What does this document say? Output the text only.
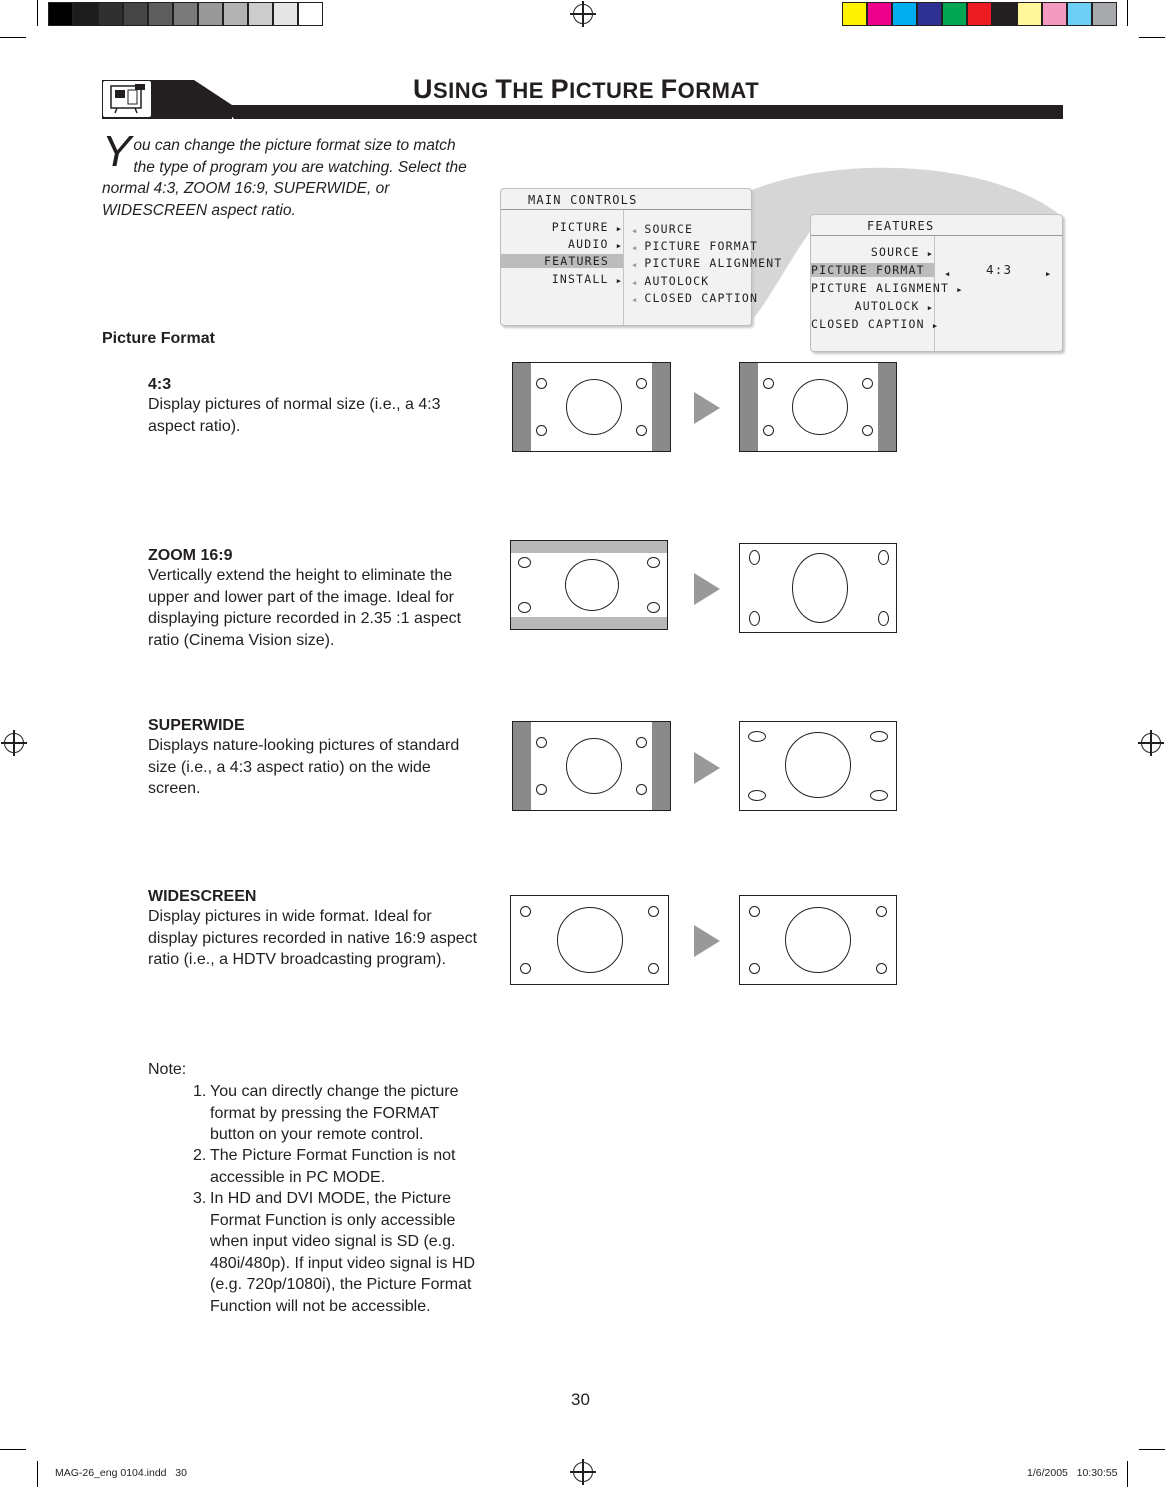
USING THE PICTURE FORMAT
You can change the picture format size to match the type of program you are watching. Select the normal 4:3, ZOOM 16:9, SUPERWIDE, or WIDESCREEN aspect ratio.
MAIN CONTROLS
PICTURE ▶
AUDIO ▶
FEATURES
INSTALL ▶
◀ SOURCE
◀ PICTURE FORMAT
◀ PICTURE ALIGNMENT
◀ AUTOLOCK
◀ CLOSED CAPTION
FEATURES
SOURCE ▶
PICTURE FORMAT
PICTURE ALIGNMENT ▶
AUTOLOCK ▶
CLOSED CAPTION ▶
◀	4:3	▶
Picture Format
4:3
Display pictures of normal size (i.e., a 4:3 aspect ratio).
ZOOM 16:9
Vertically extend the height to eliminate the upper and lower part of the image. Ideal for displaying picture recorded in 2.35 :1 aspect ratio (Cinema Vision size).
SUPERWIDE
Displays nature-looking pictures of standard size (i.e., a 4:3 aspect ratio) on the wide screen.
WIDESCREEN
Display pictures in wide format. Ideal for display pictures recorded in native 16:9 aspect ratio (i.e., a HDTV broadcasting program).
Note:
1. You can directly change the picture format by pressing the FORMAT button on your remote control.
2. The Picture Format Function is not accessible in PC MODE.
3. In HD and DVI MODE, the Picture Format Function is only accessible when input video signal is SD (e.g. 480i/480p). If input video signal is HD (e.g. 720p/1080i), the Picture Format Function will not be accessible.
30
MAG-26_eng 0104.indd   30	1/6/2005   10:30:55
